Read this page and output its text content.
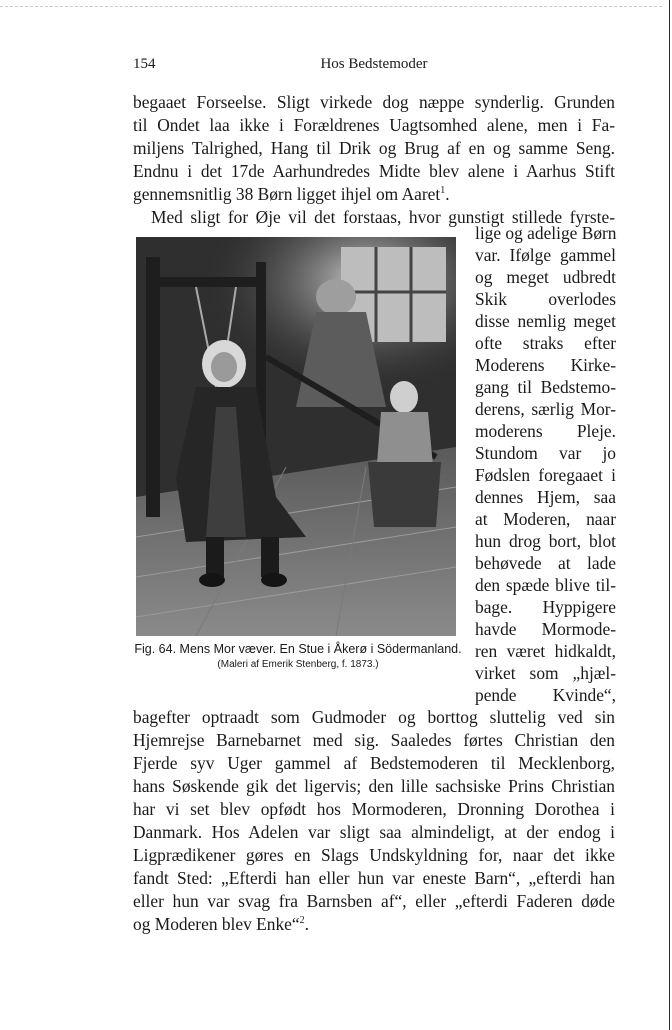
Hos Bedstemoder
154
begaaet Forseelse. Sligt virkede dog næppe synderlig. Grunden
til Ondet laa ikke i Forældrenes Uagtsomhed alene, men i Fa-
miljens Talrighed, Hang til Drik og Brug af en og samme Seng.
Endnu i det 17de Aarhundredes Midte blev alene i Aarhus Stift
gennemsnitlig 38 Børn ligget ihjel om Aaret$^1$.
Med sligt for Øje vil det forstaas, hvor gunstigt stillede fyrste-
Fig. 64. Mens Mor væver. En Stue i Åkerø i Södermanland.
(Maleri af Emerik Stenberg, f. 1873.)
lige og adelige Børn
var. Ifølge gammel
og meget udbredt
Skik overlodes
disse nemlig meget
ofte straks efter
Moderens Kirke-
gang til Bedstemo-
derens, særlig Mor-
moderens Pleje.
Stundom var jo
Fødslen foregaaet i
dennes Hjem, saa
at Moderen, naar
hun drog bort, blot
behøvede at lade
den spæde blive til-
bage. Hyppigere
havde Mormode-
ren været hidkaldt,
virket som „hjæl-
pende Kvinde“,
bagefter optraadt som Gudmoder og borttog sluttelig ved sin
Hjemrejse Barnebarnet med sig. Saaledes førtes Christian den
Fjerde syv Uger gammel af Bedstemoderen til Mecklenborg,
hans Søskende gik det ligervis; den lille sachsiske Prins Christian
har vi set blev opfødt hos Mormoderen, Dronning Dorothea i
Danmark. Hos Adelen var sligt saa almindeligt, at der endog i
Ligprædikener gøres en Slags Undskyldning for, naar det ikke
fandt Sted: „Efterdi han eller hun var eneste Barn“, „efterdi han
eller hun var svag fra Barnsben af“, eller „efterdi Faderen døde
og Moderen blev Enke“$^2$.
